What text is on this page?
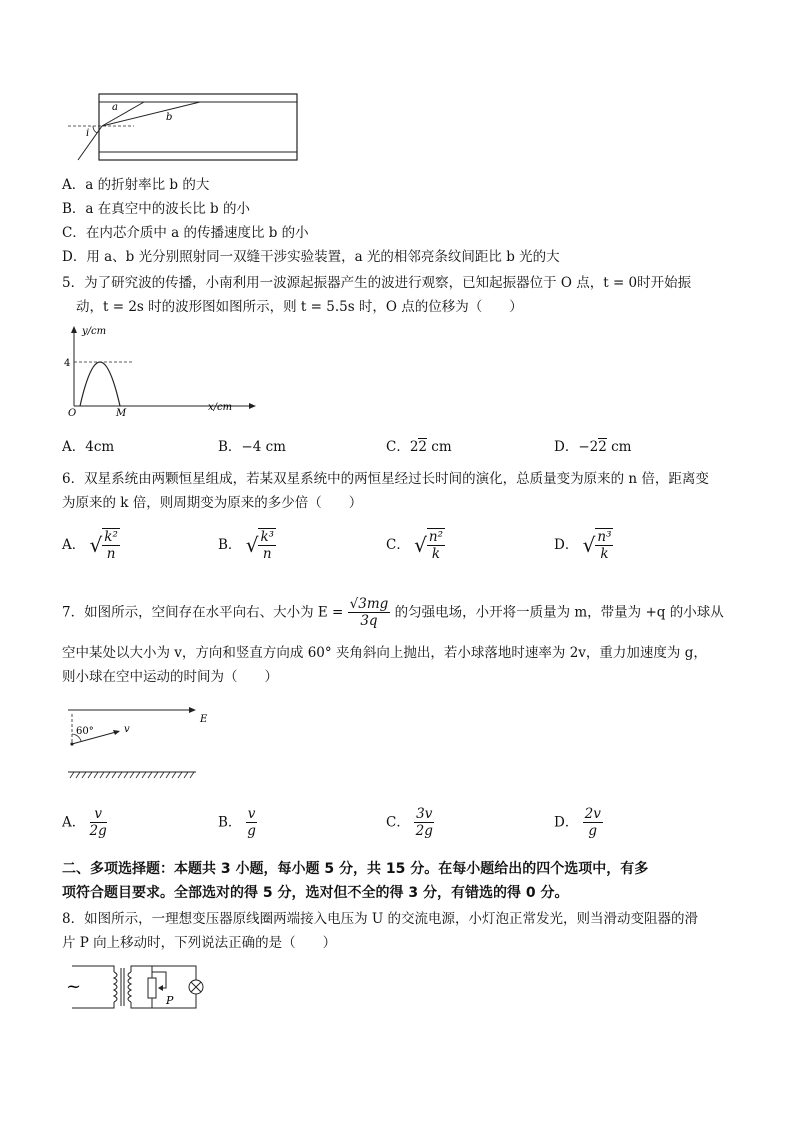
a
b
i
A．a 的折射率比 b 的大
B．a 在真空中的波长比 b 的小
C．在内芯介质中 a 的传播速度比 b 的小
D．用 a、b 光分别照射同一双缝干涉实验装置，a 光的相邻亮条纹间距比 b 光的大
5．为了研究波的传播，小南利用一波源起振器产生的波进行观察，已知起振器位于 O 点，t = 0时开始振
动，t = 2s 时的波形图如图所示，则 t = 5.5s 时，O 点的位移为（　　）
y/cm
x/cm
4
O	M
A．4cm	B．−4 cm	C．22 cm	D．−22 cm
6．双星系统由两颗恒星组成，若某双星系统中的两恒星经过长时间的演化，总质量变为原来的 n 倍，距离变
为原来的 k 倍，则周期变为原来的多少倍（　　）
A． √ $\frac{\text{k²}}{n}$	B． √ $\frac{\text{k³}}{n}$	C． √ $\frac{\text{n²}}{k}$	D． √ $\frac{\text{n³}}{k}$
7．如图所示，空间存在水平向右、大小为 $E = \frac{√3mg}{3q}$ 的匀强电场，小开将一质量为 m，带量为 +q 的小球从
空中某处以大小为 v，方向和竖直方向成 60° 夹角斜向上抛出，若小球落地时速率为 2v，重力加速度为 g，
则小球在空中运动的时间为（　　）
60°	v
E
A． $\frac{v}{2g}$	B． $\frac{v}{g}$	C． $\frac{3v}{2g}$	D． $\frac{2v}{g}$
二、多项选择题：本题共 3 小题，每小题 5 分，共 15 分。在每小题给出的四个选项中，有多
项符合题目要求。全部选对的得 5 分，选对但不全的得 3 分，有错选的得 0 分。
8．如图所示，一理想变压器原线圈两端接入电压为 U 的交流电源，小灯泡正常发光，则当滑动变阻器的滑
片 P 向上移动时，下列说法正确的是（　　）
~
P
